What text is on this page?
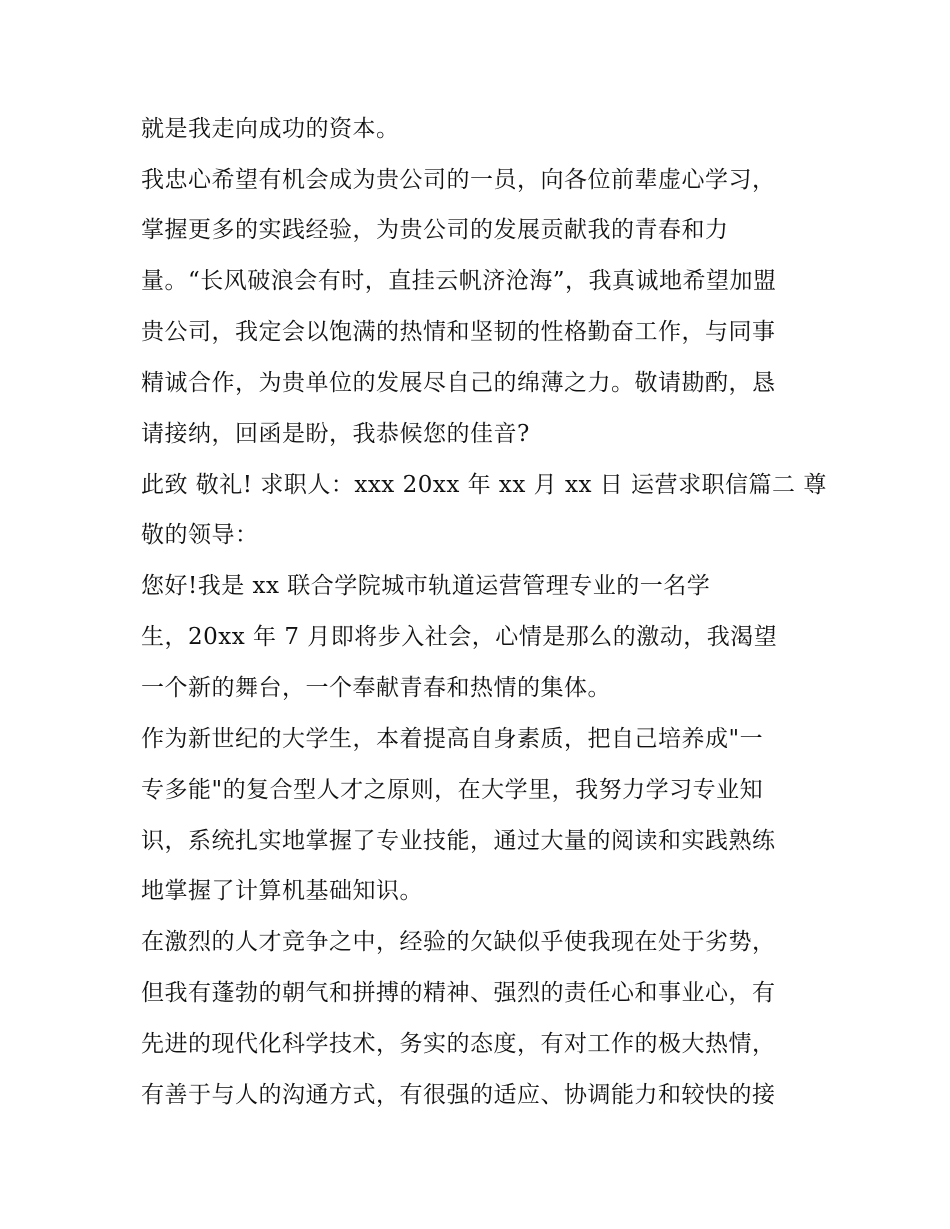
就是我走向成功的资本。
我忠心希望有机会成为贵公司的一员，向各位前辈虚心学习，
掌握更多的实践经验，为贵公司的发展贡献我的青春和力
量。“长风破浪会有时，直挂云帆济沧海”，我真诚地希望加盟
贵公司，我定会以饱满的热情和坚韧的性格勤奋工作，与同事
精诚合作，为贵单位的发展尽自己的绵薄之力。敬请勘酌，恳
请接纳，回函是盼，我恭候您的佳音?
此致 敬礼! 求职人：xxx 20xx 年 xx 月 xx 日 运营求职信篇二 尊
敬的领导：
您好!我是 xx 联合学院城市轨道运营管理专业的一名学
生，20xx 年 7 月即将步入社会，心情是那么的激动，我渴望
一个新的舞台，一个奉献青春和热情的集体。
作为新世纪的大学生，本着提高自身素质，把自己培养成"一
专多能"的复合型人才之原则，在大学里，我努力学习专业知
识，系统扎实地掌握了专业技能，通过大量的阅读和实践熟练
地掌握了计算机基础知识。
在激烈的人才竞争之中，经验的欠缺似乎使我现在处于劣势，
但我有蓬勃的朝气和拼搏的精神、强烈的责任心和事业心，有
先进的现代化科学技术，务实的态度，有对工作的极大热情，
有善于与人的沟通方式，有很强的适应、协调能力和较快的接
